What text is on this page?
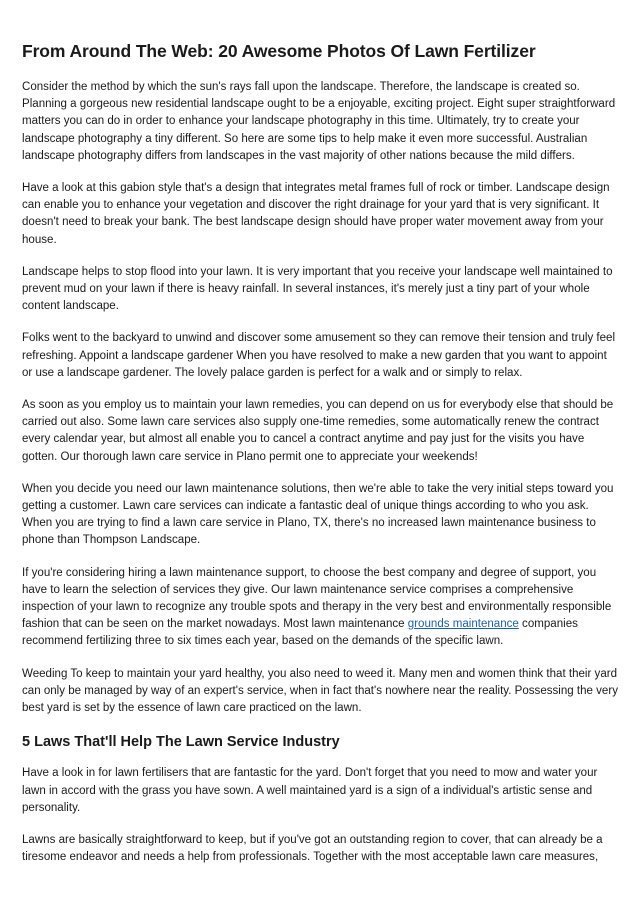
From Around The Web: 20 Awesome Photos Of Lawn Fertilizer

Consider the method by which the sun's rays fall upon the landscape. Therefore, the landscape is created so. Planning a gorgeous new residential landscape ought to be a enjoyable, exciting project. Eight super straightforward matters you can do in order to enhance your landscape photography in this time. Ultimately, try to create your landscape photography a tiny different. So here are some tips to help make it even more successful. Australian landscape photography differs from landscapes in the vast majority of other nations because the mild differs.

Have a look at this gabion style that's a design that integrates metal frames full of rock or timber. Landscape design can enable you to enhance your vegetation and discover the right drainage for your yard that is very significant. It doesn't need to break your bank. The best landscape design should have proper water movement away from your house.

Landscape helps to stop flood into your lawn. It is very important that you receive your landscape well maintained to prevent mud on your lawn if there is heavy rainfall. In several instances, it's merely just a tiny part of your whole content landscape.

Folks went to the backyard to unwind and discover some amusement so they can remove their tension and truly feel refreshing. Appoint a landscape gardener When you have resolved to make a new garden that you want to appoint or use a landscape gardener. The lovely palace garden is perfect for a walk and or simply to relax.

As soon as you employ us to maintain your lawn remedies, you can depend on us for everybody else that should be carried out also. Some lawn care services also supply one-time remedies, some automatically renew the contract every calendar year, but almost all enable you to cancel a contract anytime and pay just for the visits you have gotten. Our thorough lawn care service in Plano permit one to appreciate your weekends!

When you decide you need our lawn maintenance solutions, then we're able to take the very initial steps toward you getting a customer. Lawn care services can indicate a fantastic deal of unique things according to who you ask. When you are trying to find a lawn care service in Plano, TX, there's no increased lawn maintenance business to phone than Thompson Landscape.

If you're considering hiring a lawn maintenance support, to choose the best company and degree of support, you have to learn the selection of services they give. Our lawn maintenance service comprises a comprehensive inspection of your lawn to recognize any trouble spots and therapy in the very best and environmentally responsible fashion that can be seen on the market nowadays. Most lawn maintenance grounds maintenance companies recommend fertilizing three to six times each year, based on the demands of the specific lawn.

Weeding To keep to maintain your yard healthy, you also need to weed it. Many men and women think that their yard can only be managed by way of an expert's service, when in fact that's nowhere near the reality. Possessing the very best yard is set by the essence of lawn care practiced on the lawn.

5 Laws That'll Help The Lawn Service Industry

Have a look in for lawn fertilisers that are fantastic for the yard. Don't forget that you need to mow and water your lawn in accord with the grass you have sown. A well maintained yard is a sign of a individual's artistic sense and personality.

Lawns are basically straightforward to keep, but if you've got an outstanding region to cover, that can already be a tiresome endeavor and needs a help from professionals. Together with the most acceptable lawn care measures,
